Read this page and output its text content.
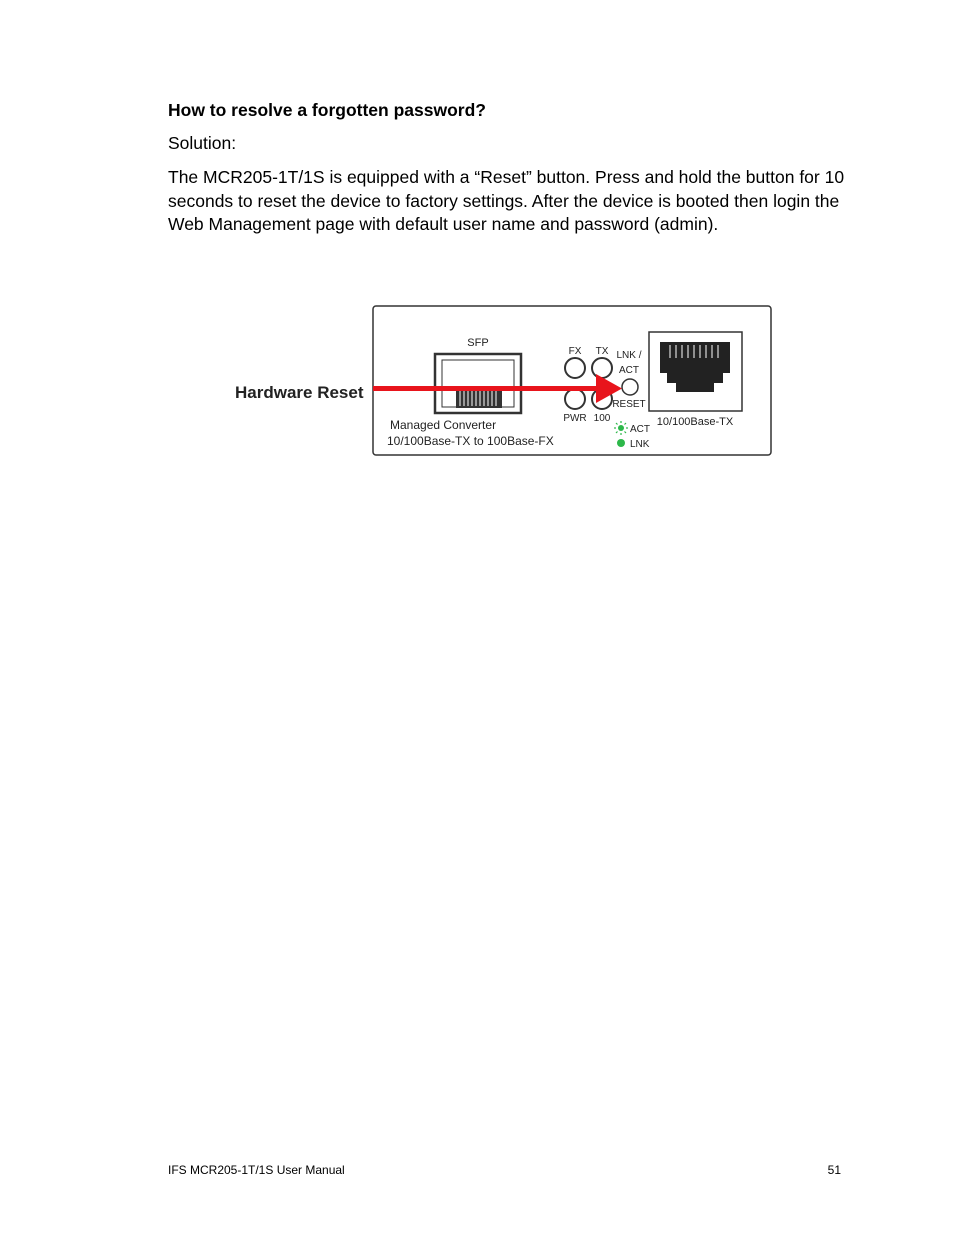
How to resolve a forgotten password?

Solution:

The MCR205-1T/1S is equipped with a “Reset” button. Press and hold the button for 10 seconds to reset the device to factory settings. After the device is booted then login the Web Management page with default user name and password (admin).

Hardware Reset
SFP
Managed Converter
10/100Base-TX to 100Base-FX
FX TX LNK /
ACT
PWR 100
RESET
ACT
LNK
10/100Base-TX
IFS MCR205-1T/1S User Manual	51
